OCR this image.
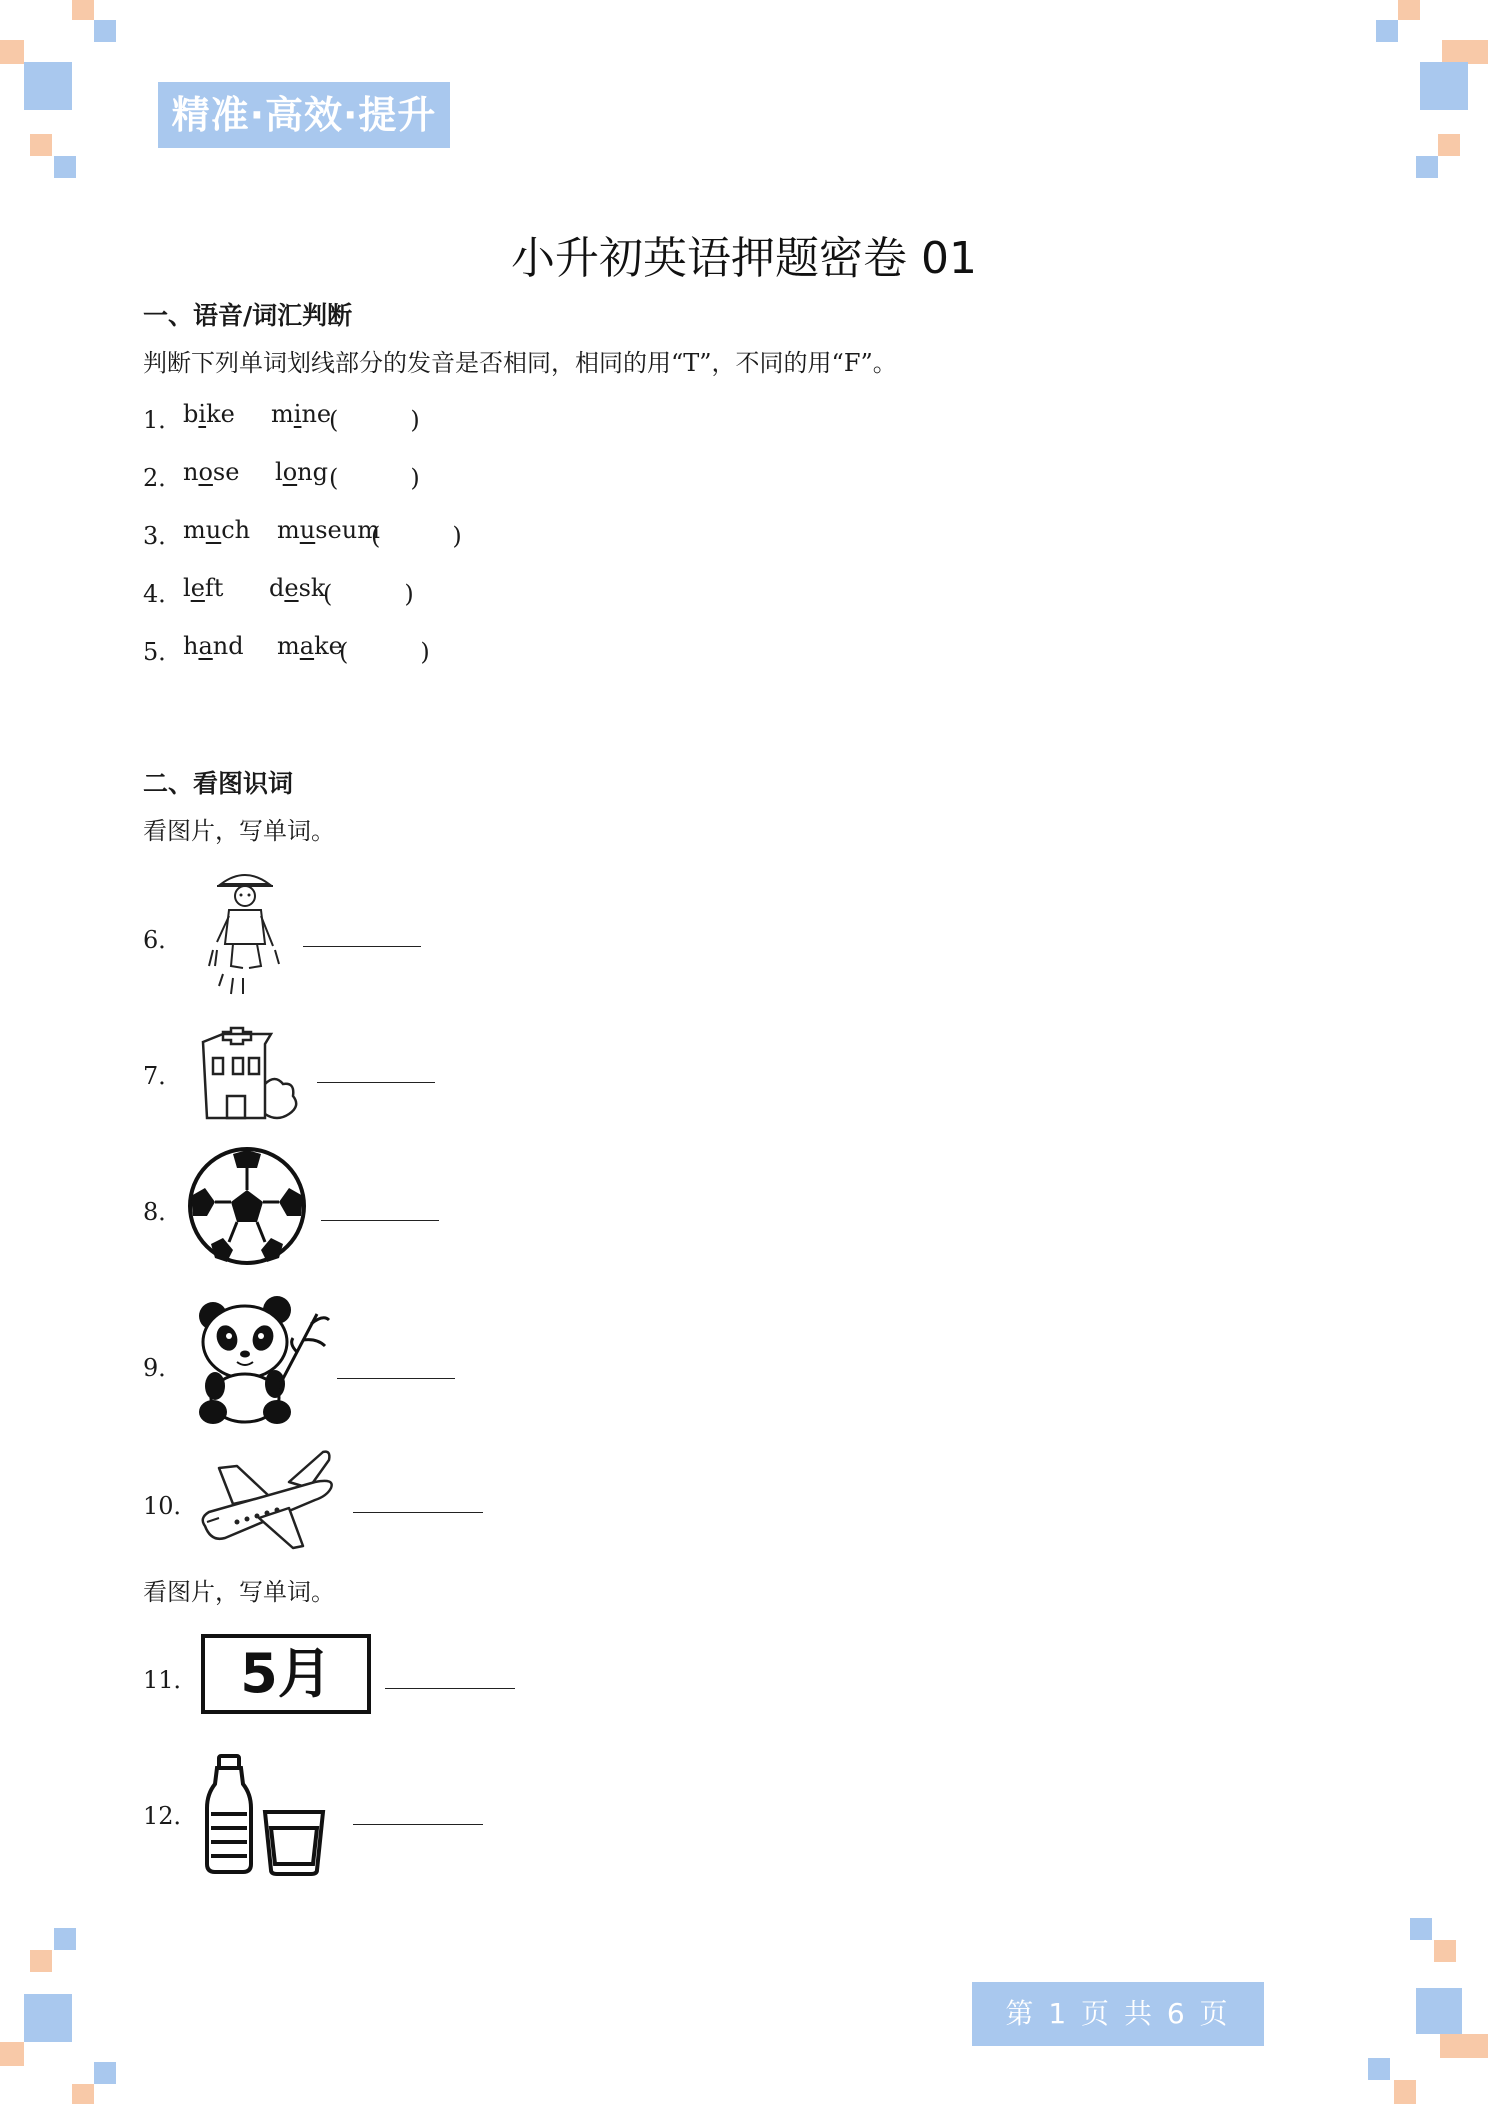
精准·高效·提升
小升初英语押题密卷 01
一、语音/词汇判断
判断下列单词划线部分的发音是否相同，相同的用“T”，不同的用“F”。
1． bike mine
(　　　)
2． nose long (　　　)
3． much museum
(　　　)
4． left desk
(　　　)
5． hand make
(　　　)
二、看图识词
看图片，写单词。
6．
7．
8．
9．
10．
看图片，写单词。
11． 5月
12．
第 1 页 共 6 页
